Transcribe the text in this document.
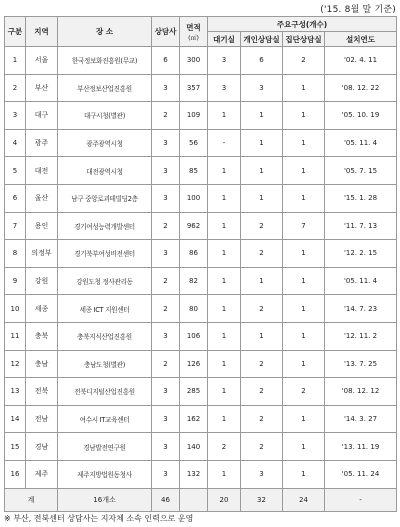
('15. 8월 말 기준)
구분	지역	장 소	상담사	면적
(㎡)	주요구성(개수)			
					대기실	개인상담실	집단상담실	설치연도
1	서울	한국정보화진흥원(무교)	6	300	3	6	2	'02. 4. 11
2	부산	부산정보산업진흥원	3	357	3	3	1	'08. 12. 22
3	대구	대구시청(별관)	2	109	1	1	1	'05. 10. 19
4	광주	광주광역시청	3	56	-	1	1	'05. 11. 4
5	대전	대전광역시청	3	85	1	1	1	'05. 7. 15
6	울산	남구 중앙로괴테빌딩2층	3	100	1	1	1	'15. 1. 28
7	용인	경기여성능력개발센터	2	962	1	2	7	'11. 7. 13
8	의정부	경기북부여성비전센터	3	86	1	2	1	'12. 2. 15
9	강원	강원도청 정사관리동	2	82	1	1	1	'05. 11. 4
10	세종	세종 ICT 지원센터	2	80	1	2	1	'14. 7. 23
11	충북	충북지식산업진흥원	3	106	1	1	1	'12. 11. 2
12	충남	충남도청(별관)	2	126	1	2	1	'13. 7. 25
13	전북	전북디지털산업진흥원	3	285	1	2	2	'08. 12. 12
14	전남	여수시 IT교육센터	3	162	1	2	1	'14. 3. 27
15	경남	경남발전연구원	3	140	2	2	1	'13. 11. 19
16	제주	제주지방법원동청사	3	132	1	3	1	'05. 11. 24
계		16개소	46		20	32	24	-
※ 부산, 전북센터 상담사는 지자체 소속 인력으로 운영
